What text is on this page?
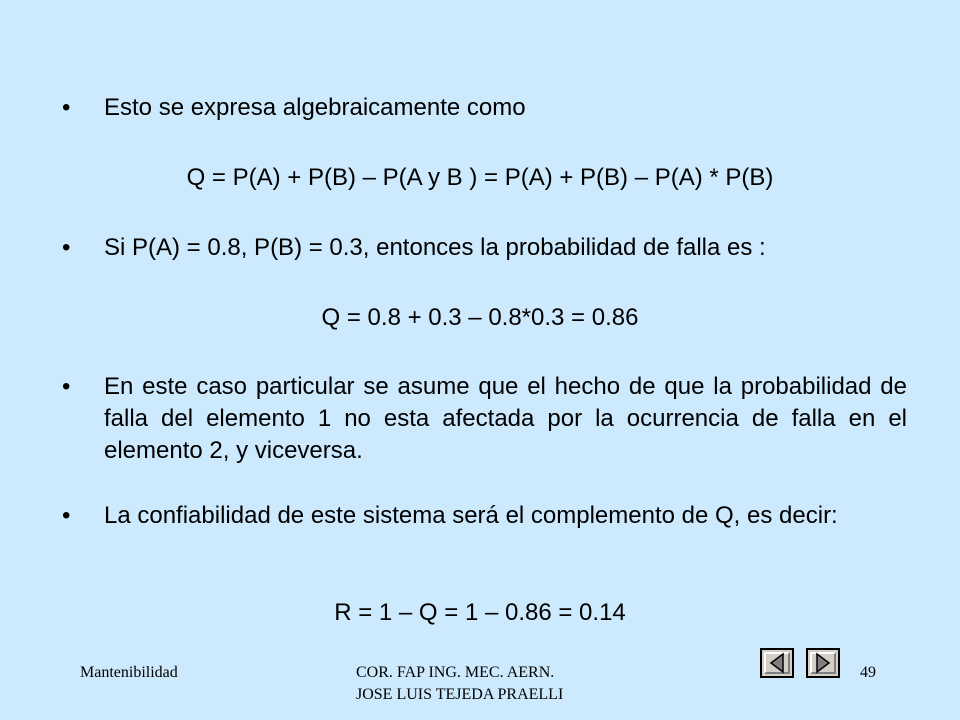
• Esto se expresa algebraicamente como
Q = P(A) + P(B) – P(A y B ) = P(A) + P(B) – P(A) * P(B)
• Si P(A) = 0.8, P(B) = 0.3, entonces la probabilidad de falla es :
Q = 0.8 + 0.3 – 0.8*0.3 = 0.86
• En este caso particular se asume que el hecho de que la probabilidad de falla del elemento 1 no esta afectada por la ocurrencia de falla en el elemento 2, y viceversa.
• La confiabilidad de este sistema será el complemento de Q, es decir:
R = 1 – Q = 1 – 0.86 = 0.14
Mantenibilidad	COR. FAP ING. MEC. AERN.
JOSE LUIS TEJEDA PRAELLI
49
